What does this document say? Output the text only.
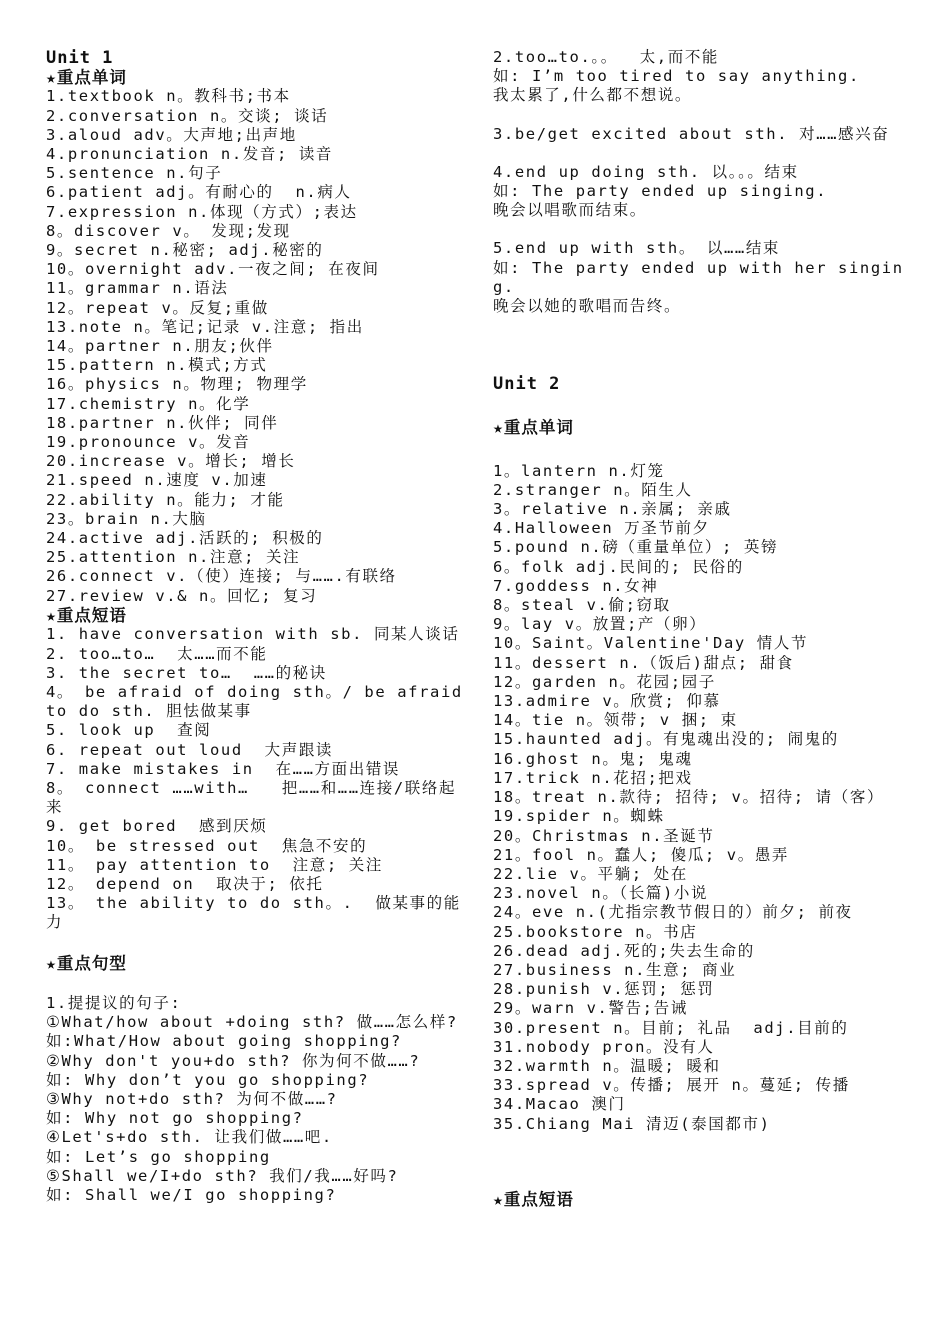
Unit 1

★重点单词

1.textbook n。教科书;书本

2.conversation n。交谈; 谈话

3.aloud adv。大声地;出声地

4.pronunciation n.发音; 读音

5.sentence n.句子

6.patient adj。有耐心的  n.病人

7.expression n.体现（方式）;表达

8。discover v。 发现;发现

9。secret n.秘密; adj.秘密的

10。overnight adv.一夜之间; 在夜间

11。grammar n.语法

12。repeat v。反复;重做

13.note n。笔记;记录 v.注意; 指出

14。partner n.朋友;伙伴

15.pattern n.模式;方式

16。physics n。物理; 物理学

17.chemistry n。化学

18.partner n.伙伴; 同伴

19.pronounce v。发音

20.increase v。增长; 增长

21.speed n.速度 v.加速

22.ability n。能力; 才能

23。brain n.大脑

24.active adj.活跃的; 积极的

25.attention n.注意; 关注

26.connect v.（使）连接; 与…….有联络

27.review v.& n。回忆; 复习

★重点短语

1. have conversation with sb. 同某人谈话

2. too…to…  太……而不能

3. the secret to…  ……的秘诀

4。 be afraid of doing sth。/ be afraid to do sth. 胆怯做某事

5. look up  查阅

6. repeat out loud  大声跟读

7. make mistakes in  在……方面出错误

8。 connect ……with…   把……和……连接/联络起来

9. get bored  感到厌烦

10。 be stressed out  焦急不安的

11。 pay attention to  注意; 关注

12。 depend on  取决于; 依托

13。 the ability to do sth。.  做某事的能力

★重点句型

1.提提议的句子:

①What/how about +doing sth? 做……怎么样?

如:What/How about going shopping?

②Why don't you+do sth? 你为何不做……?

如: Why don’t you go shopping?

③Why not+do sth? 为何不做……?

如: Why not go shopping?

④Let's+do sth. 让我们做……吧.

如: Let’s go shopping

⑤Shall we/I+do sth? 我们/我……好吗?

如: Shall we/I go shopping?

2.too…to.。。  太,而不能

如: I’m too tired to say anything.

我太累了,什么都不想说。

3.be/get excited about sth. 对……感兴奋

4.end up doing sth. 以。。。结束

如: The party ended up singing.

晚会以唱歌而结束。

5.end up with sth。 以……结束

如: The party ended up with her singing.

晚会以她的歌唱而告终。

Unit 2

★重点单词

1。lantern n.灯笼

2.stranger n。陌生人

3。relative n.亲属; 亲戚

4.Halloween 万圣节前夕

5.pound n.磅（重量单位）; 英镑

6。folk adj.民间的; 民俗的

7.goddess n.女神

8。steal v.偷;窃取

9。lay v。放置;产（卵）

10。Saint。Valentine'Day 情人节

11。dessert n.（饭后)甜点; 甜食

12。garden n。花园;园子

13.admire v。欣赏; 仰慕

14。tie n。领带; v 捆; 束

15.haunted adj。有鬼魂出没的; 闹鬼的

16.ghost n。鬼; 鬼魂

17.trick n.花招;把戏

18。treat n.款待; 招待; v。招待; 请（客）

19.spider n。蜘蛛

20。Christmas n.圣诞节

21。fool n。蠢人; 傻瓜; v。愚弄

22.lie v。平躺; 处在

23.novel n。（长篇)小说

24。eve n.(尤指宗教节假日的）前夕; 前夜

25.bookstore n。书店

26.dead adj.死的;失去生命的

27.business n.生意; 商业

28.punish v.惩罚; 惩罚

29。warn v.警告;告诫

30.present n。目前; 礼品  adj.目前的

31.nobody pron。没有人

32.warmth n。温暖; 暖和

33.spread v。传播; 展开 n。蔓延; 传播

34.Macao 澳门

35.Chiang Mai 清迈(泰国都市)

★重点短语
